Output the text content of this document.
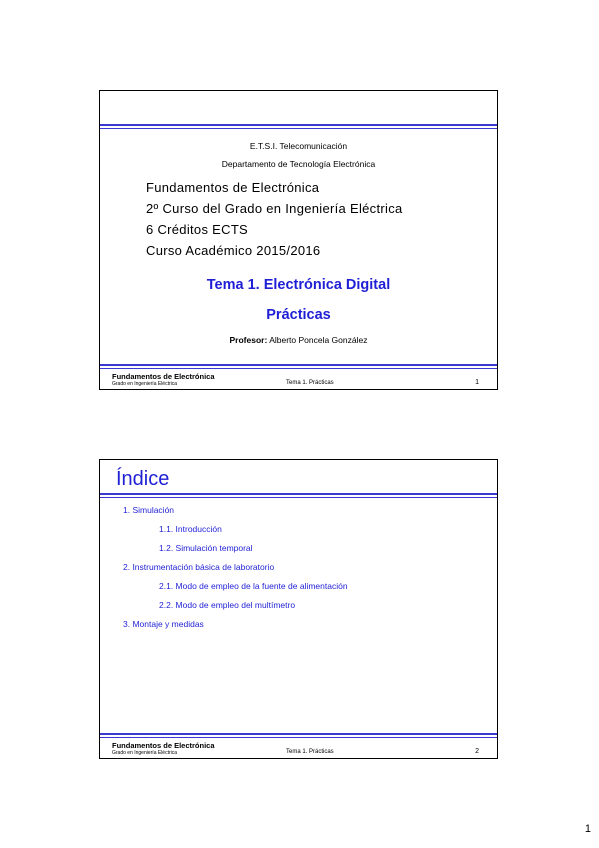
E.T.S.I. Telecomunicación
Departamento de Tecnología Electrónica
Fundamentos de Electrónica
2º Curso del Grado en Ingeniería Eléctrica
6 Créditos ECTS
Curso Académico 2015/2016
Tema 1. Electrónica Digital
Prácticas
Profesor: Alberto Poncela González
Fundamentos de Electrónica
Grado en Ingeniería Eléctrica	Tema 1. Prácticas	1
Índice
1. Simulación
1.1. Introducción
1.2. Simulación temporal
2. Instrumentación básica de laboratorio
2.1. Modo de empleo de la fuente de alimentación
2.2. Modo de empleo del multímetro
3. Montaje y medidas
Fundamentos de Electrónica
Grado en Ingeniería Eléctrica	Tema 1. Prácticas	2
1
